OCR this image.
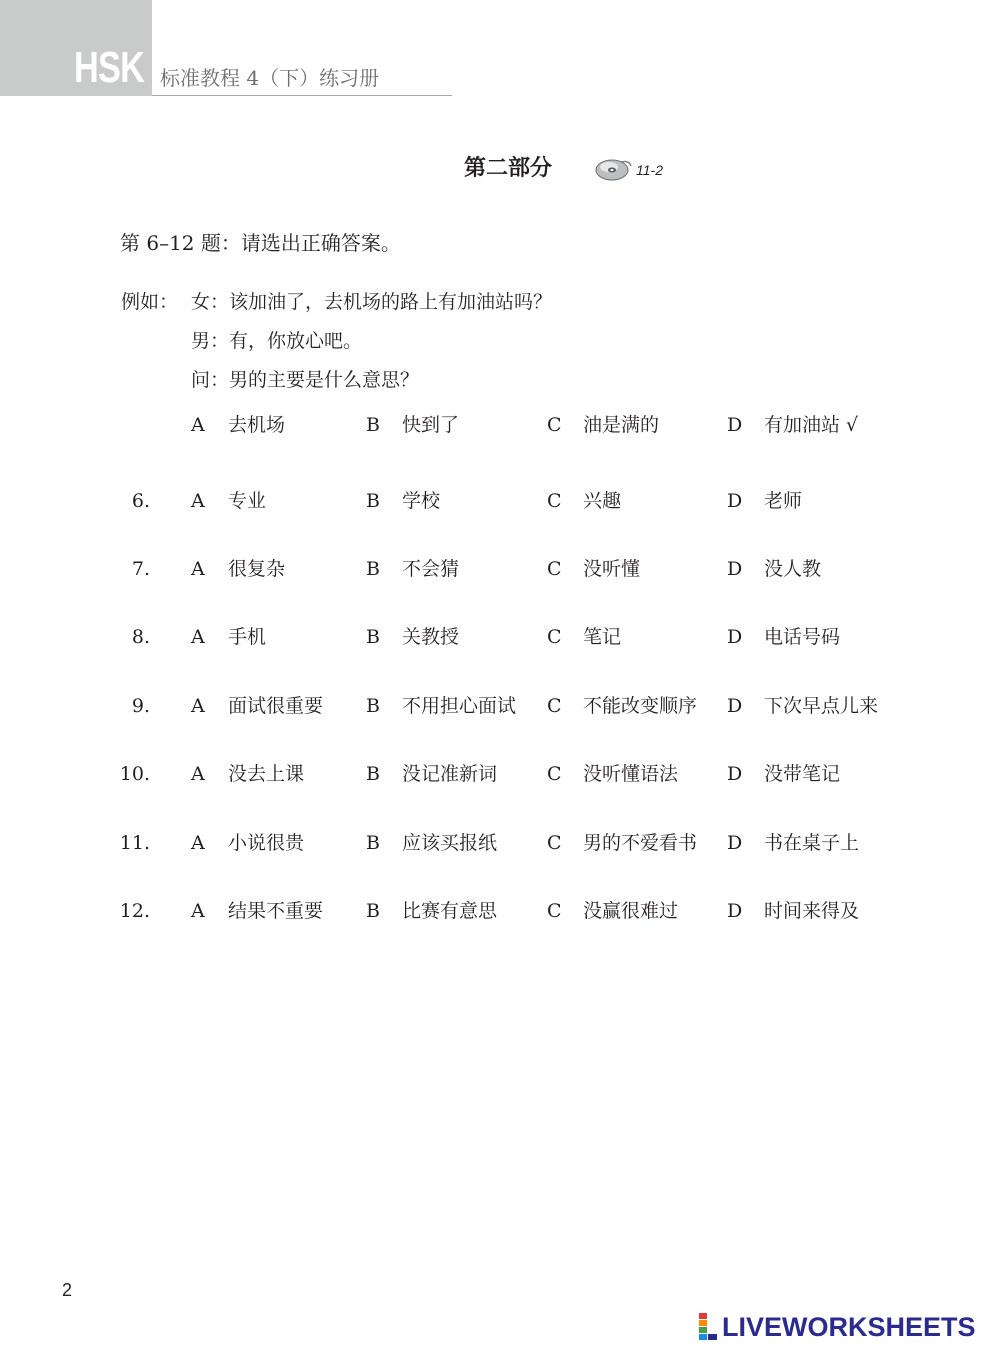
HSK 标准教程 4（下）练习册
第二部分	11-2
第 6–12 题：请选出正确答案。
例如： 女：该加油了，去机场的路上有加油站吗？
男：有，你放心吧。
问：男的主要是什么意思？
A 去机场	B 快到了	C 油是满的	D 有加油站 √
6. A 专业	B 学校	C 兴趣	D 老师
7. A 很复杂	B 不会猜	C 没听懂	D 没人教
8. A 手机	B 关教授	C 笔记	D 电话号码
9. A 面试很重要 B 不用担心面试 C 不能改变顺序 D 下次早点儿来
10. A 没去上课	B 没记准新词	C 没听懂语法	D 没带笔记
11. A 小说很贵	B 应该买报纸	C 男的不爱看书 D 书在桌子上
12. A 结果不重要 B 比赛有意思	C 没赢很难过	D 时间来得及
2
LIVEWORKSHEETS
